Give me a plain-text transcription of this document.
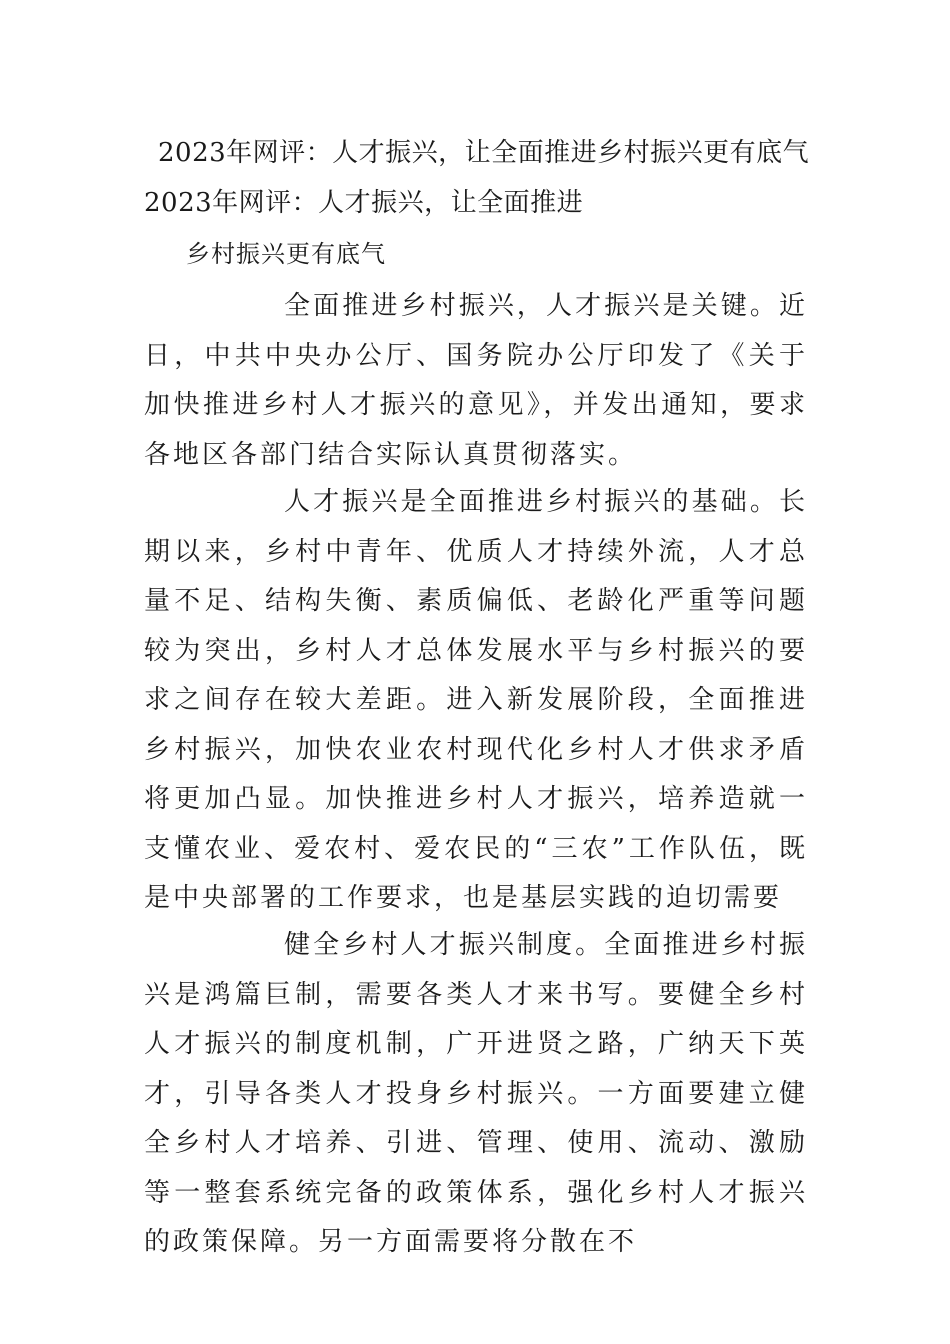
2023年网评：人才振兴，让全面推进乡村振兴更有底气
2023年网评：人才振兴，让全面推进
乡村振兴更有底气

全面推进乡村振兴，人才振兴是关键。近日，中共中央办公厅、国务院办公厅印发了《关于加快推进乡村人才振兴的意见》，并发出通知，要求各地区各部门结合实际认真贯彻落实。

人才振兴是全面推进乡村振兴的基础。长期以来，乡村中青年、优质人才持续外流，人才总量不足、结构失衡、素质偏低、老龄化严重等问题较为突出，乡村人才总体发展水平与乡村振兴的要求之间存在较大差距。进入新发展阶段，全面推进乡村振兴，加快农业农村现代化乡村人才供求矛盾将更加凸显。加快推进乡村人才振兴，培养造就一支懂农业、爱农村、爱农民的“三农”工作队伍，既是中央部署的工作要求，也是基层实践的迫切需要

健全乡村人才振兴制度。全面推进乡村振兴是鸿篇巨制，需要各类人才来书写。要健全乡村人才振兴的制度机制，广开进贤之路，广纳天下英才，引导各类人才投身乡村振兴。一方面要建立健全乡村人才培养、引进、管理、使用、流动、激励等一整套系统完备的政策体系，强化乡村人才振兴的政策保障。另一方面需要将分散在不
